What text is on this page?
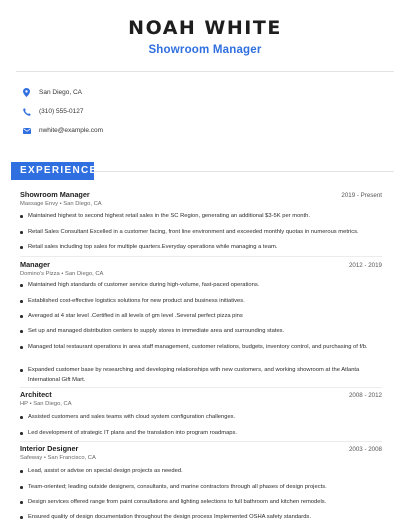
NOAH WHITE
Showroom Manager
San Diego, CA
(310) 555-0127
nwhite@example.com
EXPERIENCE
Showroom Manager	2019 - Present
Massage Envy • San Diego, CA
Maintained highest to second highest retail sales in the SC Region, generating an additional $3-5K per month.
Retail Sales Consultant Excelled in a customer facing, front line environment and exceeded monthly quotas in numerous metrics.
Retail sales including top sales for multiple quarters.Everyday operations while managing a team.
Manager	2012 - 2019
Domino's Pizza • San Diego, CA
Maintained high standards of customer service during high-volume, fast-paced operations.
Established cost-effective logistics solutions for new product and business initiatives.
Averaged at 4 star level .Certified in all levels of gm level .Several perfect pizza pins
Set up and managed distribution centers to supply stores in immediate area and surrounding states.
Managed total restaurant operations in area staff management, customer relations, budgets, inventory control, and purchasing of f/b.
Expanded customer base by researching and developing relationships with new customers, and working showroom at the Atlanta International Gift Mart.
Architect	2008 - 2012
HP • San Diego, CA
Assisted customers and sales teams with cloud system configuration challenges.
Led development of strategic IT plans and the translation into program roadmaps.
Interior Designer	2003 - 2008
Safeway • San Francisco, CA
Lead, assist or advise on special design projects as needed.
Team-oriented; leading outside designers, consultants, and marine contractors through all phases of design projects.
Design services offered range from paint consultations and lighting selections to full bathroom and kitchen remodels.
Ensured quality of design documentation throughout the design process Implemented OSHA safety standards.
